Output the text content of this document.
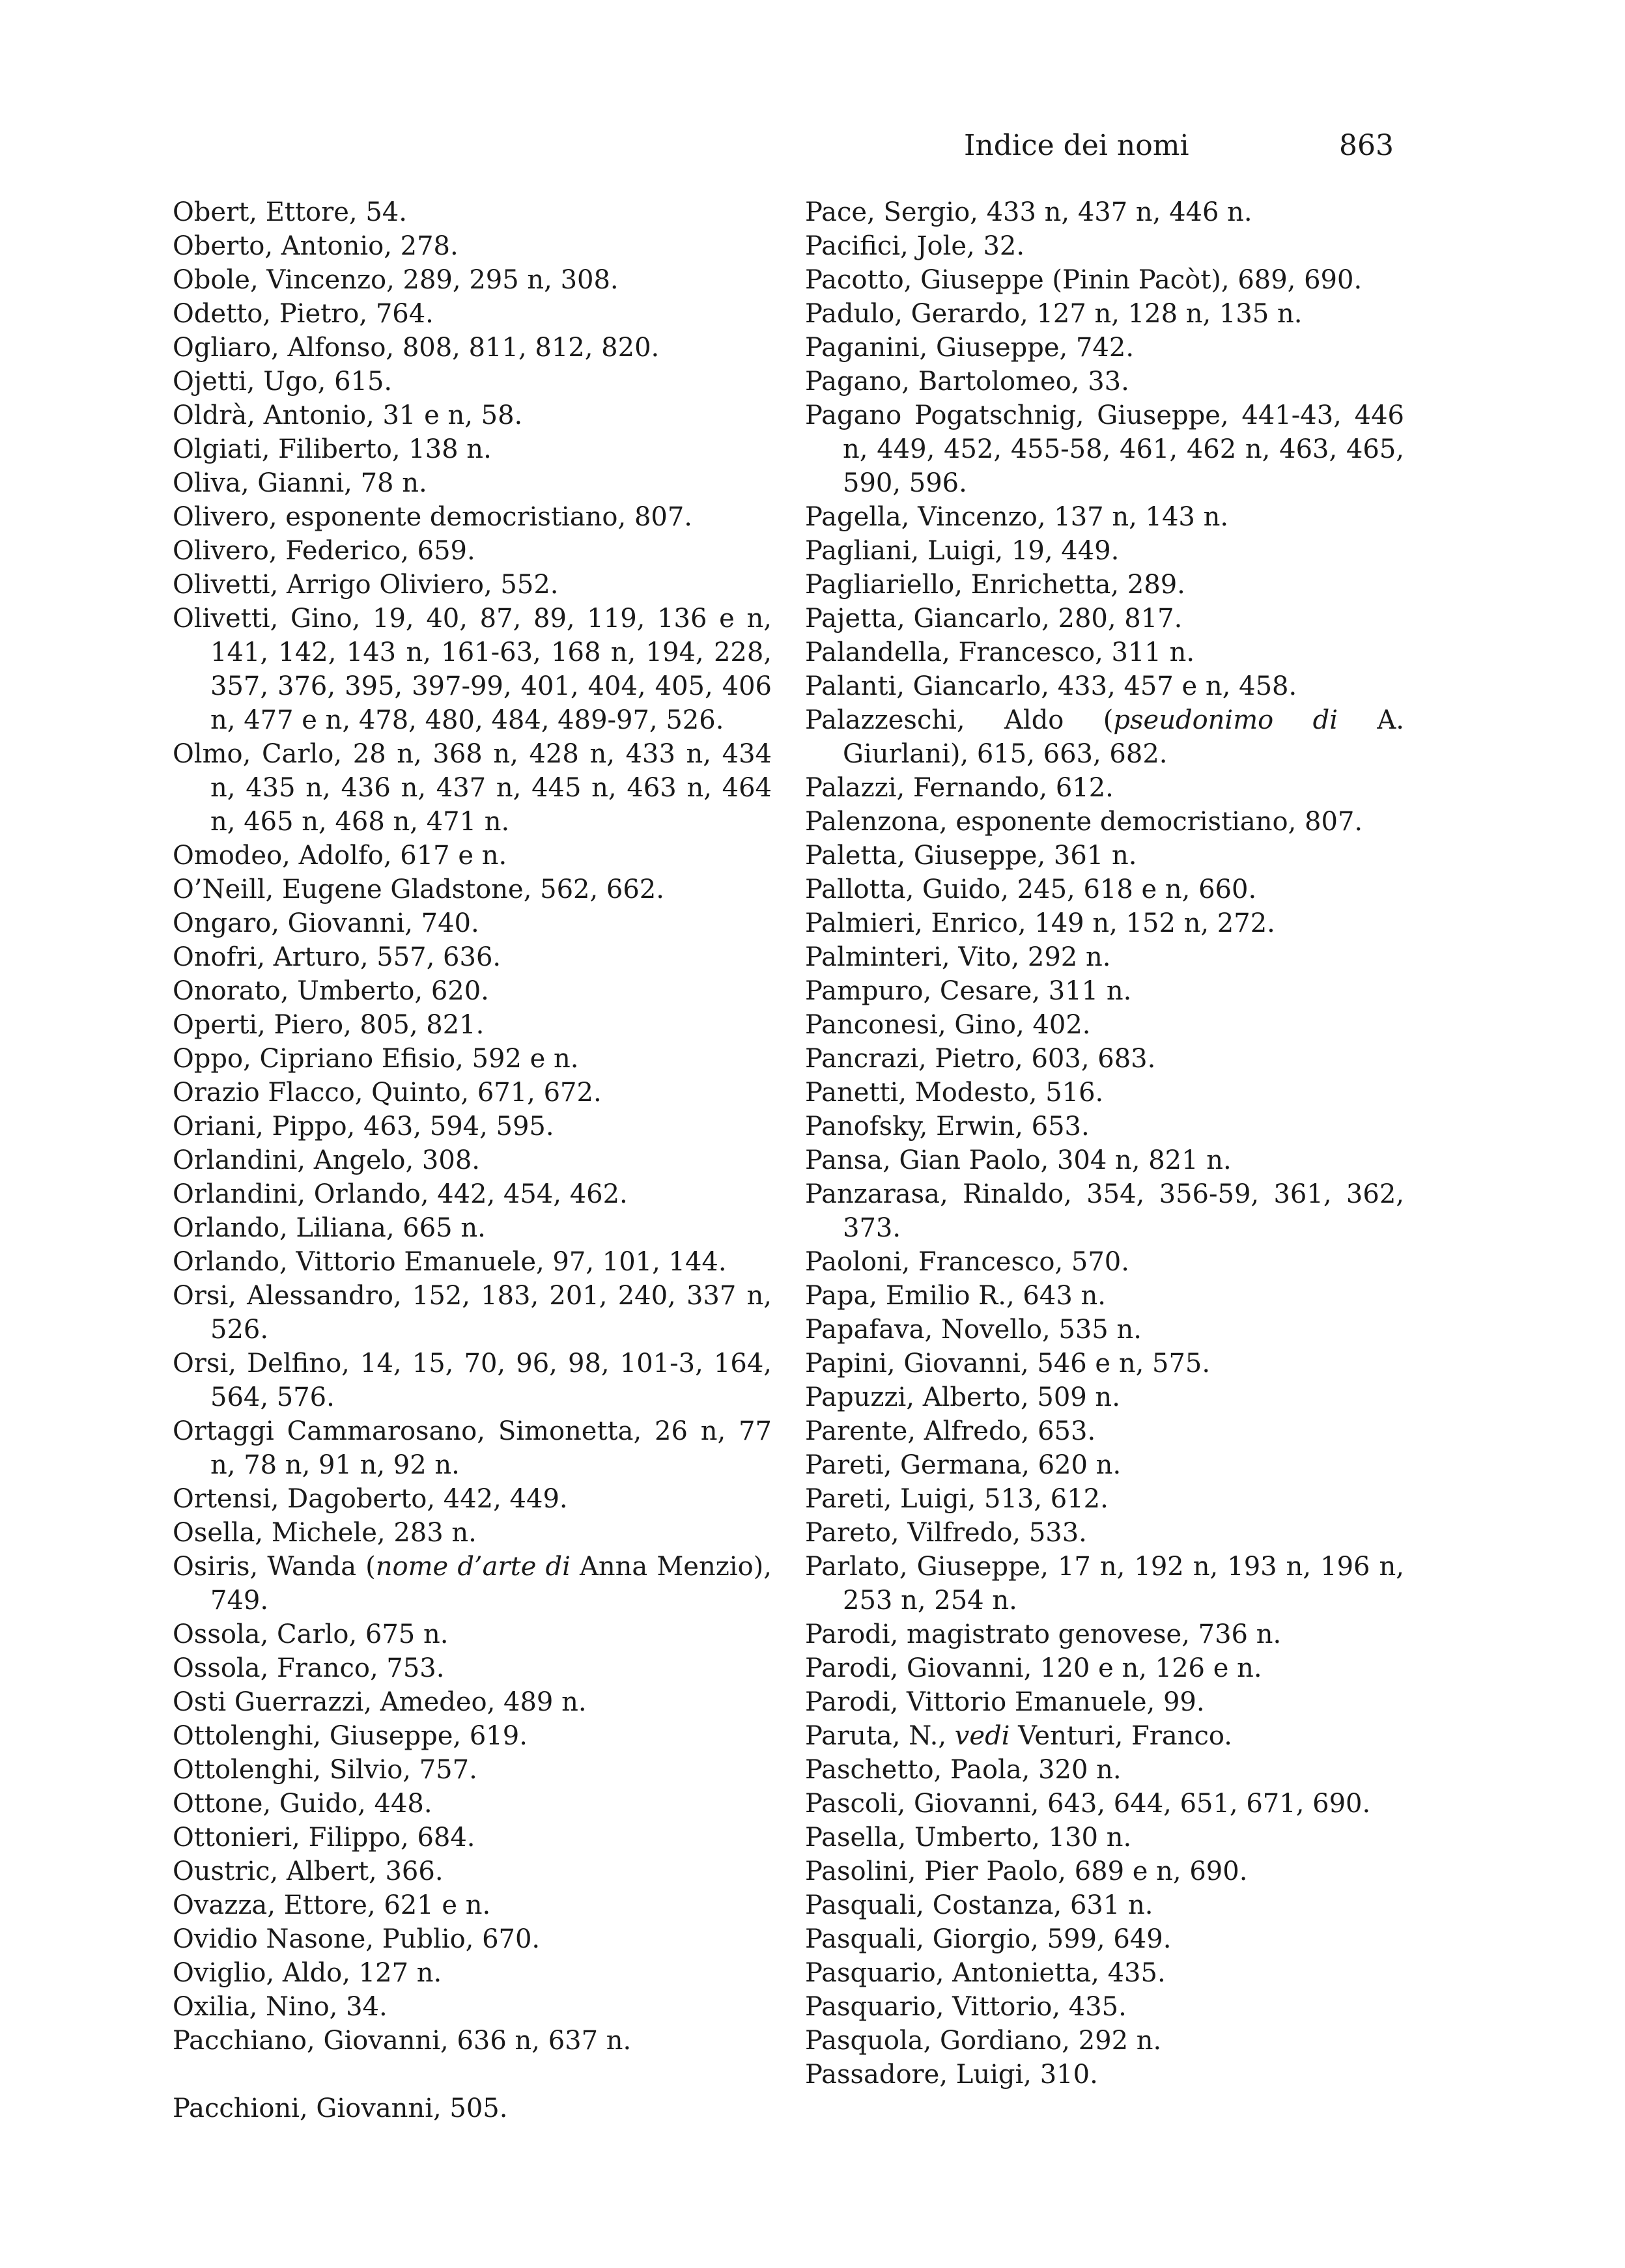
Indice dei nomi	863
Obert, Ettore, 54.
Oberto, Antonio, 278.
Obole, Vincenzo, 289, 295 n, 308.
Odetto, Pietro, 764.
Ogliaro, Alfonso, 808, 811, 812, 820.
Ojetti, Ugo, 615.
Oldrà, Antonio, 31 e n, 58.
Olgiati, Filiberto, 138 n.
Oliva, Gianni, 78 n.
Olivero, esponente democristiano, 807.
Olivero, Federico, 659.
Olivetti, Arrigo Oliviero, 552.
Olivetti, Gino, 19, 40, 87, 89, 119, 136 e n, 141, 142, 143 n, 161-63, 168 n, 194, 228, 357, 376, 395, 397-99, 401, 404, 405, 406 n, 477 e n, 478, 480, 484, 489-97, 526.
Olmo, Carlo, 28 n, 368 n, 428 n, 433 n, 434 n, 435 n, 436 n, 437 n, 445 n, 463 n, 464 n, 465 n, 468 n, 471 n.
Omodeo, Adolfo, 617 e n.
O’Neill, Eugene Gladstone, 562, 662.
Ongaro, Giovanni, 740.
Onofri, Arturo, 557, 636.
Onorato, Umberto, 620.
Operti, Piero, 805, 821.
Oppo, Cipriano Efisio, 592 e n.
Orazio Flacco, Quinto, 671, 672.
Oriani, Pippo, 463, 594, 595.
Orlandini, Angelo, 308.
Orlandini, Orlando, 442, 454, 462.
Orlando, Liliana, 665 n.
Orlando, Vittorio Emanuele, 97, 101, 144.
Orsi, Alessandro, 152, 183, 201, 240, 337 n, 526.
Orsi, Delfino, 14, 15, 70, 96, 98, 101-3, 164, 564, 576.
Ortaggi Cammarosano, Simonetta, 26 n, 77 n, 78 n, 91 n, 92 n.
Ortensi, Dagoberto, 442, 449.
Osella, Michele, 283 n.
Osiris, Wanda (nome d’arte di Anna Menzio), 749.
Ossola, Carlo, 675 n.
Ossola, Franco, 753.
Osti Guerrazzi, Amedeo, 489 n.
Ottolenghi, Giuseppe, 619.
Ottolenghi, Silvio, 757.
Ottone, Guido, 448.
Ottonieri, Filippo, 684.
Oustric, Albert, 366.
Ovazza, Ettore, 621 e n.
Ovidio Nasone, Publio, 670.
Oviglio, Aldo, 127 n.
Oxilia, Nino, 34.
Pacchiano, Giovanni, 636 n, 637 n.
Pacchioni, Giovanni, 505.
Pace, Sergio, 433 n, 437 n, 446 n.
Pacifici, Jole, 32.
Pacotto, Giuseppe (Pinin Pacòt), 689, 690.
Padulo, Gerardo, 127 n, 128 n, 135 n.
Paganini, Giuseppe, 742.
Pagano, Bartolomeo, 33.
Pagano Pogatschnig, Giuseppe, 441-43, 446 n, 449, 452, 455-58, 461, 462 n, 463, 465, 590, 596.
Pagella, Vincenzo, 137 n, 143 n.
Pagliani, Luigi, 19, 449.
Pagliariello, Enrichetta, 289.
Pajetta, Giancarlo, 280, 817.
Palandella, Francesco, 311 n.
Palanti, Giancarlo, 433, 457 e n, 458.
Palazzeschi, Aldo (pseudonimo di A. Giurlani), 615, 663, 682.
Palazzi, Fernando, 612.
Palenzona, esponente democristiano, 807.
Paletta, Giuseppe, 361 n.
Pallotta, Guido, 245, 618 e n, 660.
Palmieri, Enrico, 149 n, 152 n, 272.
Palminteri, Vito, 292 n.
Pampuro, Cesare, 311 n.
Panconesi, Gino, 402.
Pancrazi, Pietro, 603, 683.
Panetti, Modesto, 516.
Panofsky, Erwin, 653.
Pansa, Gian Paolo, 304 n, 821 n.
Panzarasa, Rinaldo, 354, 356-59, 361, 362, 373.
Paoloni, Francesco, 570.
Papa, Emilio R., 643 n.
Papafava, Novello, 535 n.
Papini, Giovanni, 546 e n, 575.
Papuzzi, Alberto, 509 n.
Parente, Alfredo, 653.
Pareti, Germana, 620 n.
Pareti, Luigi, 513, 612.
Pareto, Vilfredo, 533.
Parlato, Giuseppe, 17 n, 192 n, 193 n, 196 n, 253 n, 254 n.
Parodi, magistrato genovese, 736 n.
Parodi, Giovanni, 120 e n, 126 e n.
Parodi, Vittorio Emanuele, 99.
Paruta, N., vedi Venturi, Franco.
Paschetto, Paola, 320 n.
Pascoli, Giovanni, 643, 644, 651, 671, 690.
Pasella, Umberto, 130 n.
Pasolini, Pier Paolo, 689 e n, 690.
Pasquali, Costanza, 631 n.
Pasquali, Giorgio, 599, 649.
Pasquario, Antonietta, 435.
Pasquario, Vittorio, 435.
Pasquola, Gordiano, 292 n.
Passadore, Luigi, 310.
